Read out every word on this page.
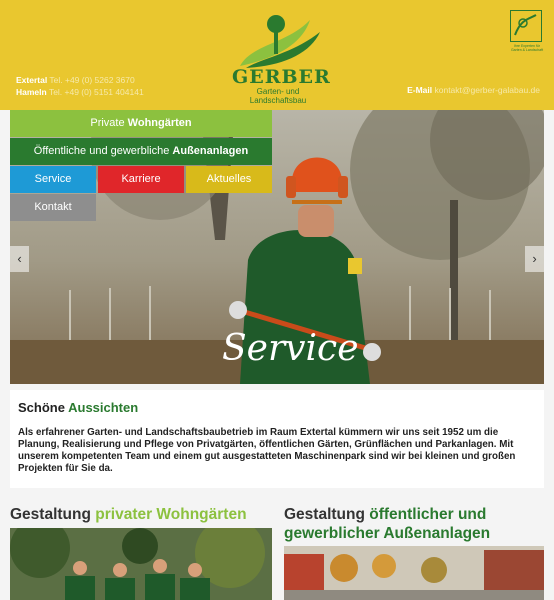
Extertal Tel. +49 (0) 5262 3670
Hameln Tel. +49 (0) 5151 404141
GERBER
Garten- und Landschaftsbau
E-Mail kontakt@gerber-galabau.de
Ihre Experten für Garten & Landschaft
Private Wohngärten
Öffentliche und gewerbliche Außenanlagen
Service	Karriere	Aktuelles
Kontakt
‹	›
Service
Schöne Aussichten

Als erfahrener Garten- und Landschaftsbaubetrieb im Raum Extertal kümmern wir uns seit 1952 um die Planung, Realisierung und Pflege von Privatgärten, öffentlichen Gärten, Grünflächen und Parkanlagen. Mit unserem kompetenten Team und einem gut ausgestatteten Maschinenpark sind wir bei kleinen und großen Projekten für Sie da.

Gestaltung privater Wohngärten	Gestaltung öffentlicher und gewerblicher Außenanlagen
